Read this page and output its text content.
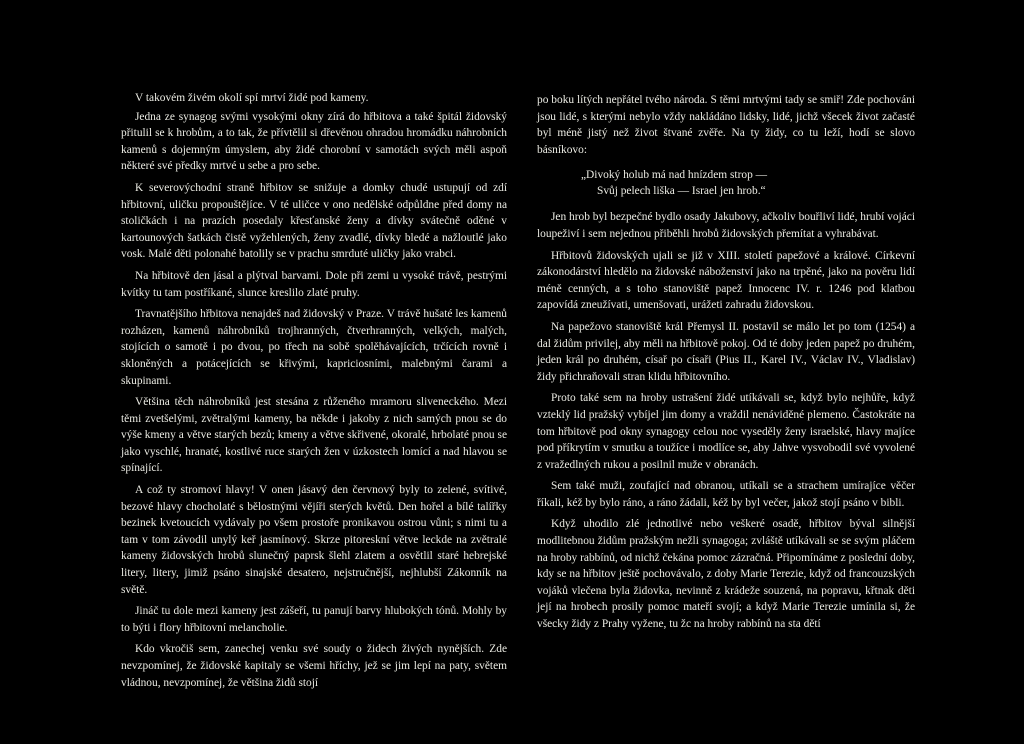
V takovém živém okolí spí mrtví židé pod kameny.

Jedna ze synagog svými vysokými okny zírá do hřbitova a také špitál židovský přitulil se k hrobům, a to tak, že přívtělil si dřevěnou ohradou hromádku náhrobních kamenů s dojemným úmyslem, aby židé chorobní v samotách svých měli aspoň některé své předky mrtvé u sebe a pro sebe.

K severovýchodní straně hřbitov se snižuje a domky chudé ustupují od zdí hřbitovní, uličku propouštějíce. V té uličce v ono nedělské odpůldne před domy na stoličkách i na prazích posedaly křesťanské ženy a dívky svátečně oděné v kartounových šatkách čistě vyžehlených, ženy zvadlé, dívky bledé a nažloutlé jako vosk. Malé děti polonahé batolily se v prachu smrduté uličky jako vrabci.

Na hřbitově den jásal a plýtval barvami. Dole při zemi u vysoké trávě, pestrými kvítky tu tam postříkané, slunce kreslilo zlaté pruhy.

Travnatějšího hřbitova nenajdeš nad židovský v Praze. V trávě hušaté les kamenů rozházen, kamenů náhrobníků trojhranných, čtverhranných, velkých, malých, stojících o samotě i po dvou, po třech na sobě spolěhávajících, trčících rovně i skloněných a potácejících se křivými, kapriciosními, malebnými čarami a skupinami.

Většina těch náhrobníků jest stesána z růženého mramoru sliveneckého. Mezi těmi zvetšelými, zvětralými kameny, ba někde i jakoby z nich samých pnou se do výše kmeny a větve starých bezů; kmeny a větve skřivené, okoralé, hrbolaté pnou se jako vyschlé, hranaté, kostlivé ruce starých žen v úzkostech lomící a nad hlavou se spínající.

A což ty stromoví hlavy! V onen jásavý den červnový byly to zelené, svítivé, bezové hlavy chocholaté s bělostnými vějíři sterých květů. Den hořel a bílé talířky bezinek kvetoucích vydávaly po všem prostoře pronikavou ostrou vůni; s nimi tu a tam v tom závodil unylý keř jasmínový. Skrze pitoreskní větve leckde na zvětralé kameny židovských hrobů slunečný paprsk šlehl zlatem a osvětlil staré hebrejské litery, litery, jimiž psáno sinajské desatero, nejstručnější, nejhlubší Zákonník na světě.

Jináč tu dole mezi kameny jest zášeří, tu panují barvy hlubokých tónů. Mohly by to býti i flory hřbitovní melancholie.

Kdo vkročiš sem, zanechej venku své soudy o židech živých nynějších. Zde nevzpomínej, že židovské kapitaly se všemi hříchy, jež se jim lepí na paty, světem vládnou, nevzpomínej, že většina židů stojí

po boku lítých nepřátel tvého národa. S těmi mrtvými tady se smiř! Zde pochováni jsou lidé, s kterými nebylo vždy nakládáno lidsky, lidé, jichž všecek život začasté byl méně jistý než život štvané zvěře. Na ty židy, co tu leží, hodí se slovo básníkovo:

„Divoký holub má nad hnízdem strop —
Svůj pelech liška — Israel jen hrob.“

Jen hrob byl bezpečné bydlo osady Jakubovy, ačkoliv bouřliví lidé, hrubí vojáci loupeživí i sem nejednou přiběhli hrobů židovských přemítat a vyhrabávat.

Hřbitovů židovských ujali se již v XIII. století papežové a králové. Církevní zákonodárství hledělo na židovské náboženství jako na trpěné, jako na pověru lidí méně cenných, a s toho stanoviště papež Innocenc IV. r. 1246 pod klatbou zapovídá zneužívati, umenšovati, urážeti zahradu židovskou.

Na papežovo stanoviště král Přemysl II. postavil se málo let po tom (1254) a dal židům privilej, aby měli na hřbitově pokoj. Od té doby jeden papež po druhém, jeden král po druhém, císař po císaři (Pius II., Karel IV., Václav IV., Vladislav) židy přichraňovali stran klidu hřbitovního.

Proto také sem na hroby ustrašení židé utíkávali se, když bylo nejhůře, když vzteklý lid pražský vybíjel jim domy a vraždil nenáviděné plemeno. Častokráte na tom hřbitově pod okny synagogy celou noc vyseděly ženy israelské, hlavy majíce pod příkrytím v smutku a toužíce i modlíce se, aby Jahve vysvobodil své vyvolené z vražedlných rukou a posilnil muže v obranách.

Sem také muži, zoufající nad obranou, utíkali se a strachem umírajíce věčer říkali, kéž by bylo ráno, a ráno žádali, kéž by byl večer, jakož stojí psáno v bibli.

Když uhodilo zlé jednotlivé nebo veškeré osadě, hřbitov býval silnější modlitebnou židům pražským nežli synagoga; zvláště utíkávali se se svým pláčem na hroby rabbínů, od nichž čekána pomoc zázračná. Připomínáme z poslední doby, kdy se na hřbitov ještě pochovávalo, z doby Marie Terezie, když od francouzských vojáků vlečena byla židovka, nevinně z krádeže souzená, na popravu, křtnak děti její na hrobech prosily pomoc mateří svojí; a když Marie Terezie umínila si, že všecky židy z Prahy vyžene, tu žc na hroby rabbínů na sta dětí
